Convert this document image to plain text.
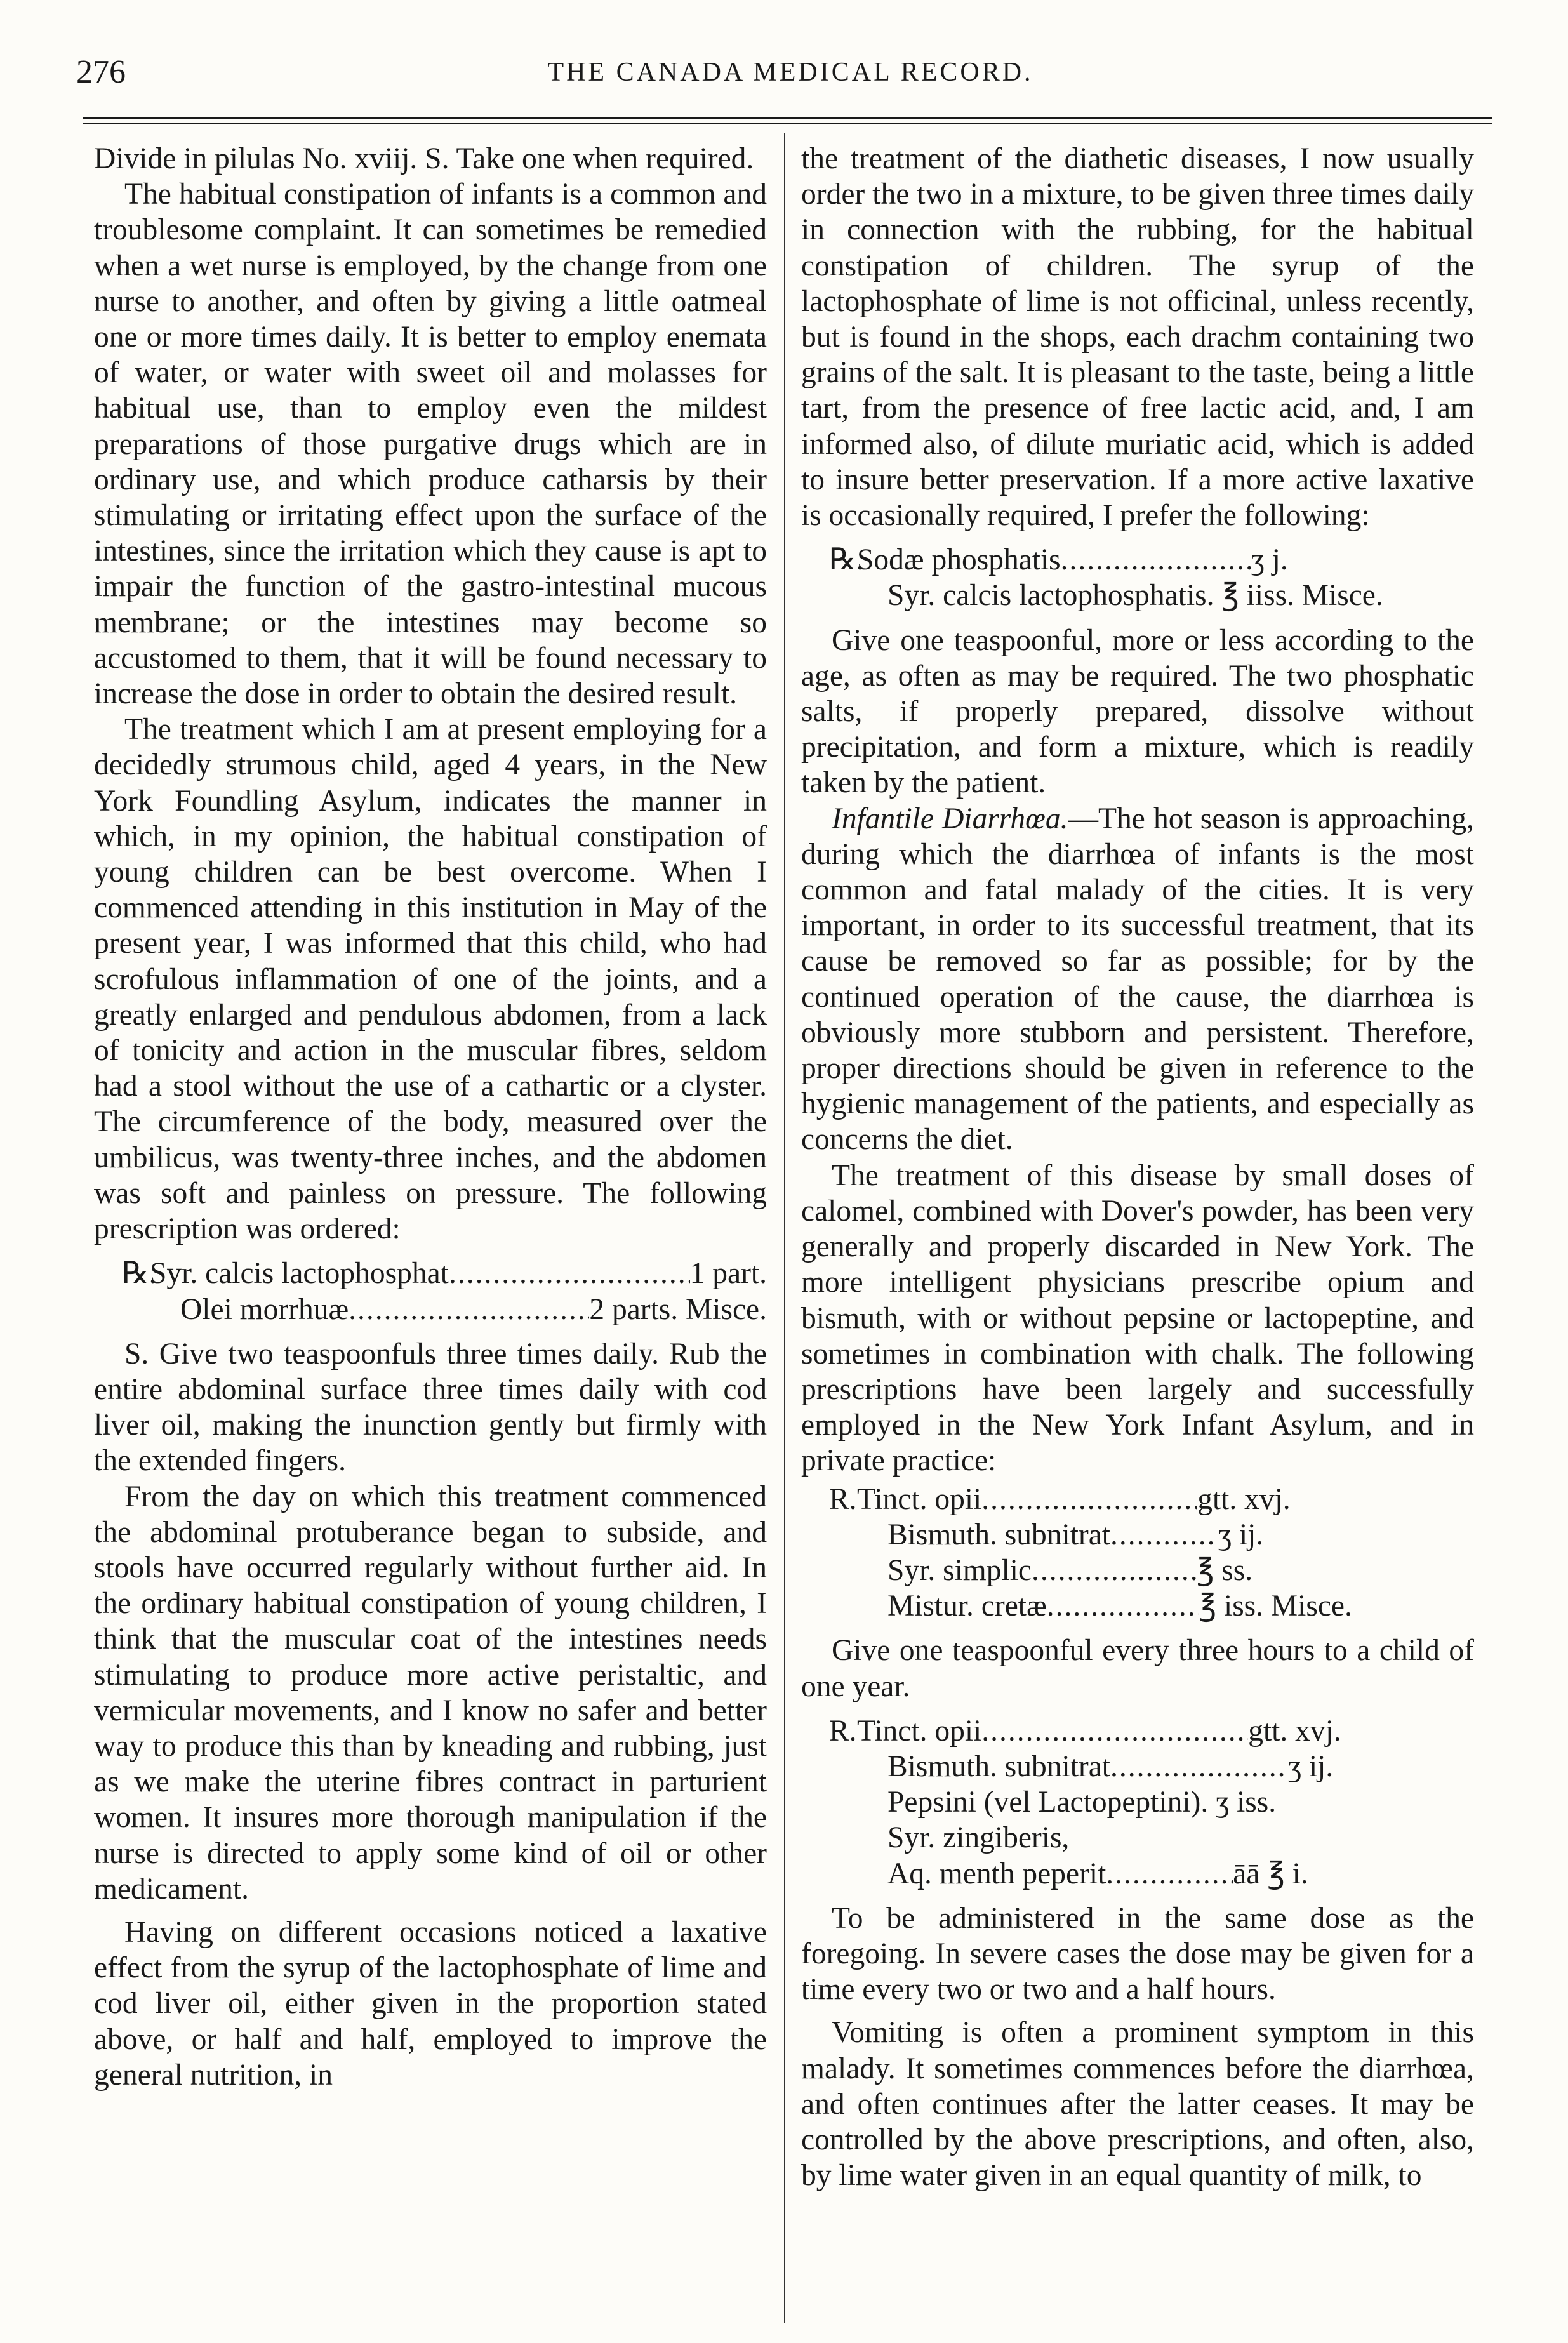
276	THE CANADA MEDICAL RECORD.

Divide in pilulas No. xviij. S. Take one when required.

The habitual constipation of infants is a common and troublesome complaint. It can sometimes be remedied when a wet nurse is employed, by the change from one nurse to another, and often by giving a little oatmeal one or more times daily. It is better to employ enemata of water, or water with sweet oil and molasses for habitual use, than to employ even the mildest preparations of those purgative drugs which are in ordinary use, and which produce catharsis by their stimulating or irritating effect upon the surface of the intestines, since the irritation which they cause is apt to impair the function of the gastro-intestinal mucous membrane; or the intestines may become so accustomed to them, that it will be found necessary to increase the dose in order to obtain the desired result.

The treatment which I am at present employing for a decidedly strumous child, aged 4 years, in the New York Foundling Asylum, indicates the manner in which, in my opinion, the habitual constipation of young children can be best overcome. When I commenced attending in this institution in May of the present year, I was informed that this child, who had scrofulous inflammation of one of the joints, and a greatly enlarged and pendulous abdomen, from a lack of tonicity and action in the muscular fibres, seldom had a stool without the use of a cathartic or a clyster. The circumference of the body, measured over the umbilicus, was twenty-three inches, and the abdomen was soft and painless on pressure. The following prescription was ordered:

℞.
Syr. calcis lactophosphat .....	1 part.
Olei morrhuæ .....	2 parts. Misce.

S. Give two teaspoonfuls three times daily. Rub the entire abdominal surface three times daily with cod liver oil, making the inunction gently but firmly with the extended fingers.

From the day on which this treatment commenced the abdominal protuberance began to subside, and stools have occurred regularly without further aid. In the ordinary habitual constipation of young children, I think that the muscular coat of the intestines needs stimulating to produce more active peristaltic, and vermicular movements, and I know no safer and better way to produce this than by kneading and rubbing, just as we make the uterine fibres contract in parturient women. It insures more thorough manipulation if the nurse is directed to apply some kind of oil or other medicament.

Having on different occasions noticed a laxative effect from the syrup of the lactophosphate of lime and cod liver oil, either given in the proportion stated above, or half and half, employed to improve the general nutrition, in

the treatment of the diathetic diseases, I now usually order the two in a mixture, to be given three times daily in connection with the rubbing, for the habitual constipation of children. The syrup of the lactophosphate of lime is not officinal, unless recently, but is found in the shops, each drachm containing two grains of the salt. It is pleasant to the taste, being a little tart, from the presence of free lactic acid, and, I am informed also, of dilute muriatic acid, which is added to insure better preservation. If a more active laxative is occasionally required, I prefer the following:

℞.
Sodæ phosphatis .....	ʒ j.
Syr. calcis lactophosphatis. ℥ iiss. Misce.

Give one teaspoonful, more or less according to the age, as often as may be required. The two phosphatic salts, if properly prepared, dissolve without precipitation, and form a mixture, which is readily taken by the patient.

Infantile Diarrhœa.—The hot season is approaching, during which the diarrhœa of infants is the most common and fatal malady of the cities. It is very important, in order to its successful treatment, that its cause be removed so far as possible; for by the continued operation of the cause, the diarrhœa is obviously more stubborn and persistent. Therefore, proper directions should be given in reference to the hygienic management of the patients, and especially as concerns the diet.

The treatment of this disease by small doses of calomel, combined with Dover's powder, has been very generally and properly discarded in New York. The more intelligent physicians prescribe opium and bismuth, with or without pepsine or lactopeptine, and sometimes in combination with chalk. The following prescriptions have been largely and successfully employed in the New York Infant Asylum, and in private practice:

R. Tinct. opii .....	gtt. xvj.
Bismuth. subnitrat .....	ʒ ij.
Syr. simplic .....	℥ ss.
Mistur. cretæ .....	℥ iss. Misce.

Give one teaspoonful every three hours to a child of one year.

R. Tinct. opii .....	gtt. xvj.
Bismuth. subnitrat .....	ʒ ij.
Pepsini (vel Lactopeptini) . ʒ iss.
Syr. zingiberis,
Aq. menth peperit .....	āā ℥ i.

To be administered in the same dose as the foregoing. In severe cases the dose may be given for a time every two or two and a half hours.

Vomiting is often a prominent symptom in this malady. It sometimes commences before the diarrhœa, and often continues after the latter ceases. It may be controlled by the above prescriptions, and often, also, by lime water given in an equal quantity of milk, to
